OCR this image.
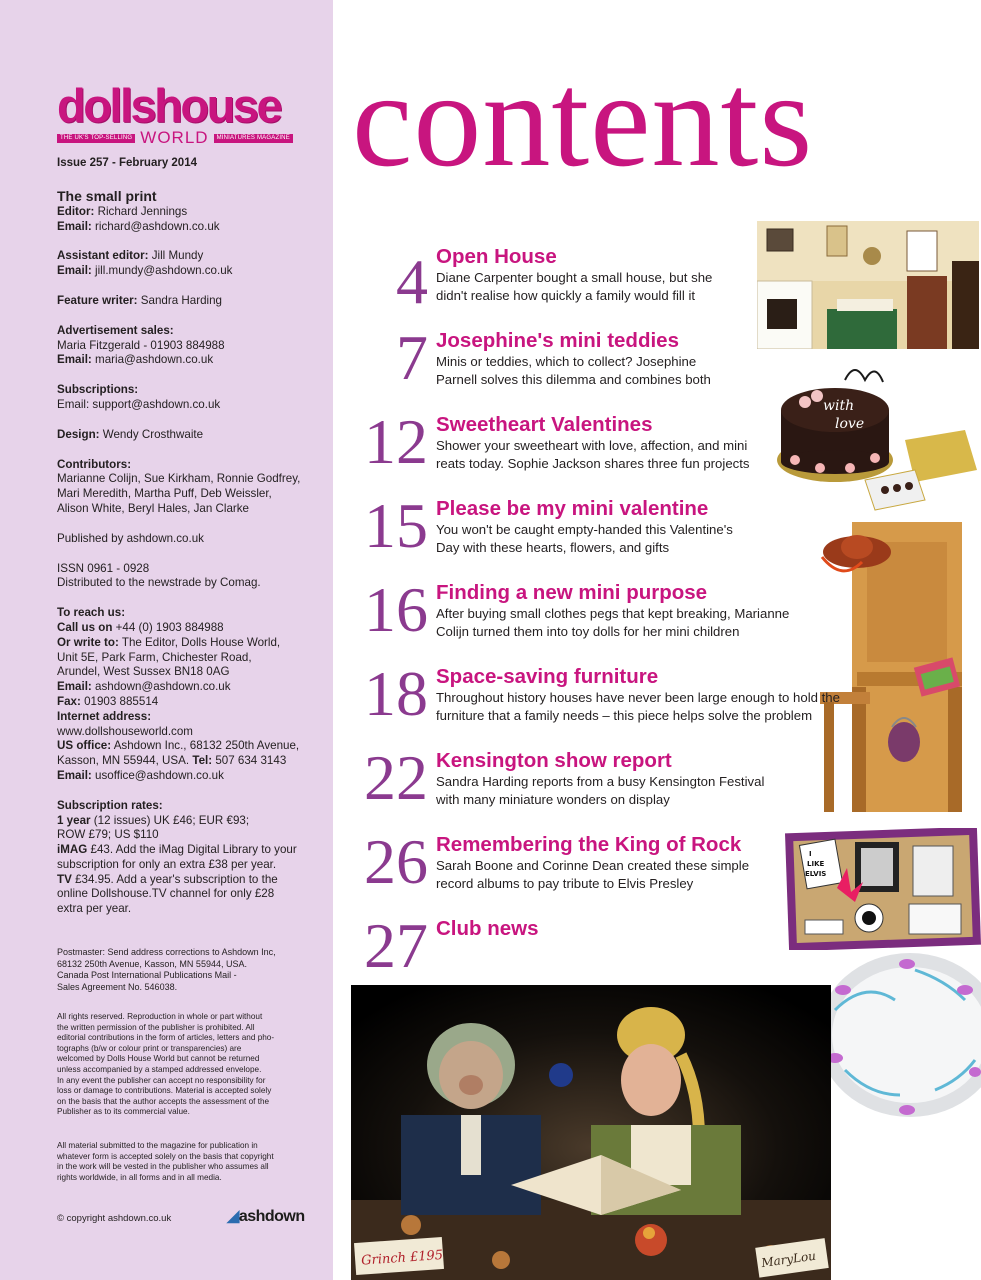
dollshouse
THE UK'S TOP-SELLING WORLD	MINIATURES MAGAZINE
Issue 257 - February 2014
The small print
Editor: Richard Jennings
Email: richard@ashdown.co.uk
Assistant editor: Jill Mundy
Email: jill.mundy@ashdown.co.uk
Feature writer: Sandra Harding
Advertisement sales:
Maria Fitzgerald - 01903 884988
Email: maria@ashdown.co.uk
Subscriptions:
Email: support@ashdown.co.uk
Design: Wendy Crosthwaite
Contributors:
Marianne Colijn, Sue Kirkham, Ronnie Godfrey,
Mari Meredith, Martha Puff, Deb Weissler,
Alison White, Beryl Hales, Jan Clarke
Published by ashdown.co.uk
ISSN 0961 - 0928
Distributed to the newstrade by Comag.
To reach us:
Call us on +44 (0) 1903 884988
Or write to: The Editor, Dolls House World,
Unit 5E, Park Farm, Chichester Road,
Arundel, West Sussex BN18 0AG
Email: ashdown@ashdown.co.uk
Fax: 01903 885514
Internet address:
www.dollshouseworld.com
US office: Ashdown Inc., 68132 250th Avenue,
Kasson, MN 55944, USA. Tel: 507 634 3143
Email: usoffice@ashdown.co.uk
Subscription rates:
1 year (12 issues) UK £46; EUR €93;
ROW £79; US $110
iMAG £43. Add the iMag Digital Library to your
subscription for only an extra £38 per year.
TV £34.95. Add a year's subscription to the
online Dollshouse.TV channel for only £28
extra per year.
Postmaster: Send address corrections to Ashdown Inc,
68132 250th Avenue, Kasson, MN 55944, USA.
Canada Post International Publications Mail -
Sales Agreement No. 546038.
All rights reserved. Reproduction in whole or part without
the written permission of the publisher is prohibited. All
editorial contributions in the form of articles, letters and pho-
tographs (b/w or colour print or transparencies) are
welcomed by Dolls House World but cannot be returned
unless accompanied by a stamped addressed envelope.
In any event the publisher can accept no responsibility for
loss or damage to contributions. Material is accepted solely
on the basis that the author accepts the assessment of the
Publisher as to its commercial value.
All material submitted to the magazine for publication in
whatever form is accepted solely on the basis that copyright
in the work will be vested in the publisher who assumes all
rights worldwide, in all forms and in all media.
© copyright ashdown.co.uk	◢ashdown
contents
with
love
I
LIKE
ELVIS
Grinch £195	MaryLou
4 Open House
Diane Carpenter bought a small house, but she
didn't realise how quickly a family would fill it
7 Josephine's mini teddies
Minis or teddies, which to collect? Josephine
Parnell solves this dilemma and combines both
12 Sweetheart Valentines
Shower your sweetheart with love, affection, and mini
reats today. Sophie Jackson shares three fun projects
15 Please be my mini valentine
You won't be caught empty-handed this Valentine's
Day with these hearts, flowers, and gifts
16 Finding a new mini purpose
After buying small clothes pegs that kept breaking, Marianne
Colijn turned them into toy dolls for her mini children
18 Space-saving furniture
Throughout history houses have never been large enough to hold the
furniture that a family needs – this piece helps solve the problem
22 Kensington show report
Sandra Harding reports from a busy Kensington Festival
with many miniature wonders on display
26 Remembering the King of Rock
Sarah Boone and Corinne Dean created these simple
record albums to pay tribute to Elvis Presley
27 Club news
